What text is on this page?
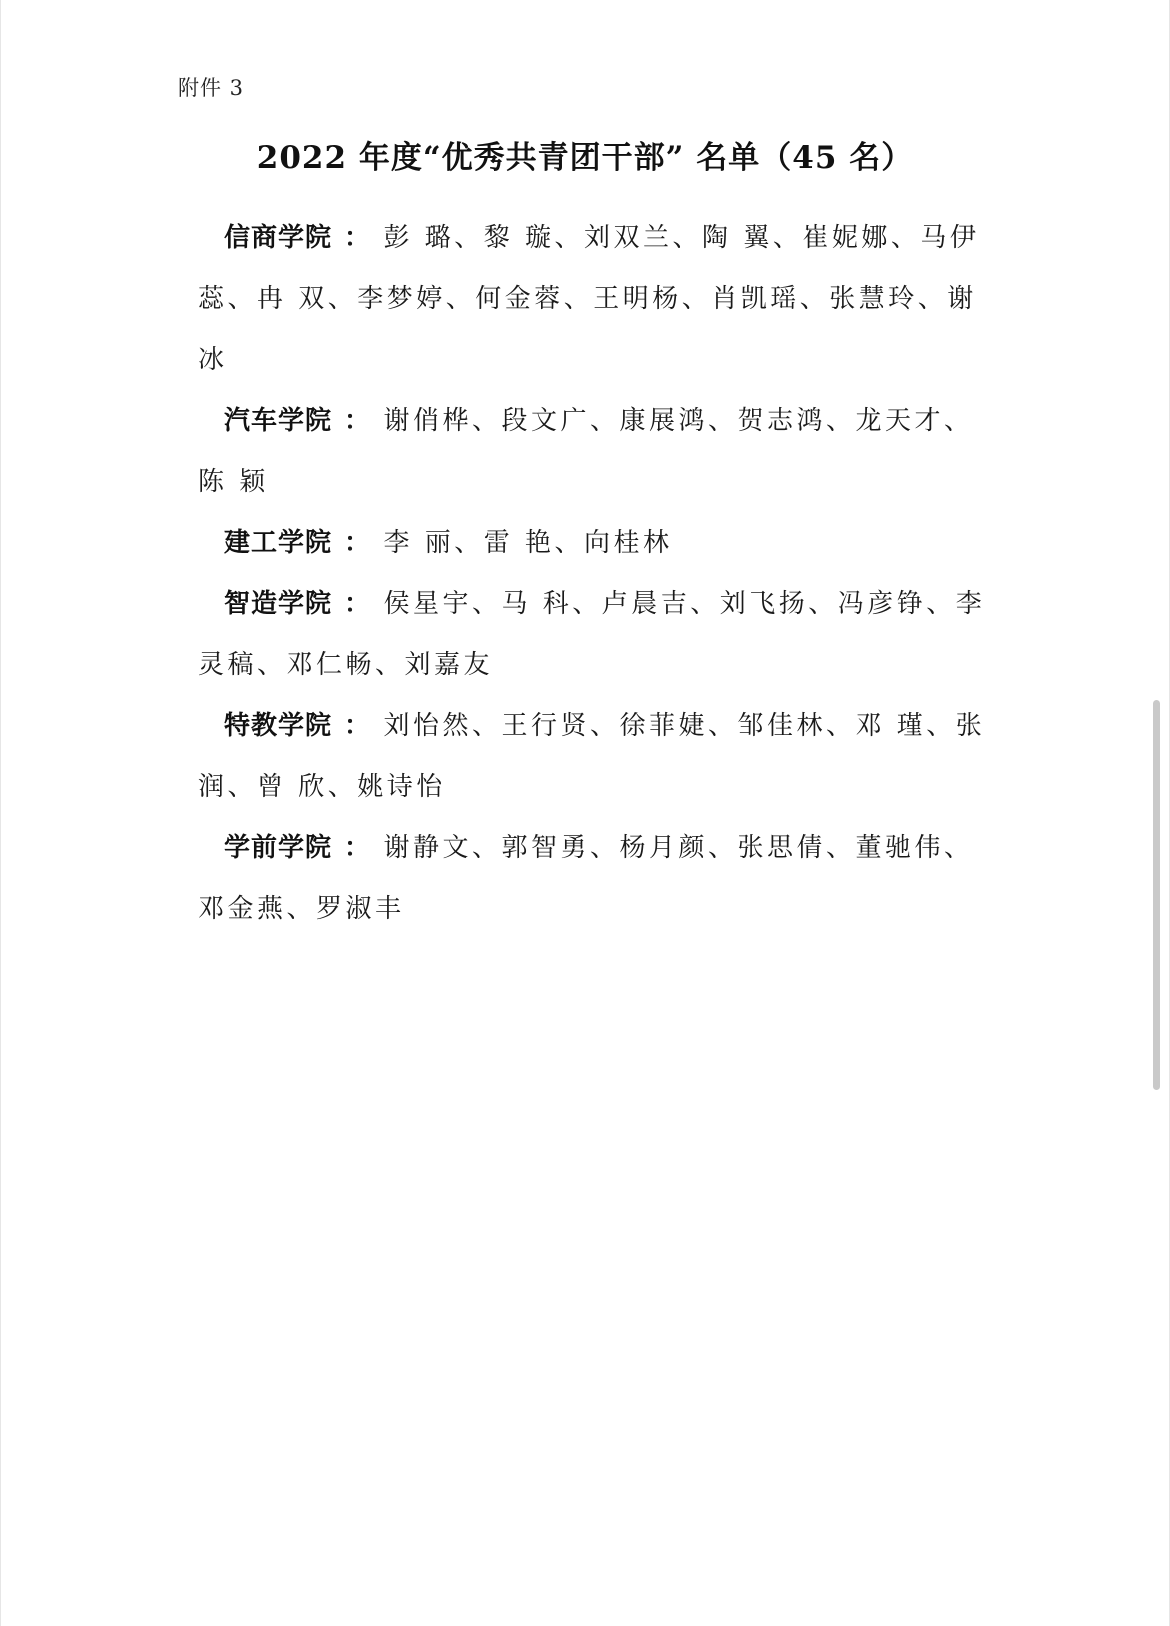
附件 3
2022 年度“优秀共青团干部” 名单（45 名）

信商学院 ： 彭 璐、黎 璇、刘双兰、陶 翼、崔妮娜、马伊蕊、冉 双、李梦婷、何金蓉、王明杨、肖凯瑶、张慧玲、谢 冰

汽车学院 ： 谢俏桦、段文广、康展鸿、贺志鸿、龙天才、陈 颖

建工学院 ： 李 丽、雷 艳、向桂林

智造学院 ： 侯星宇、马 科、卢晨吉、刘飞扬、冯彦铮、李灵稿、邓仁畅、刘嘉友

特教学院 ： 刘怡然、王行贤、徐菲婕、邹佳林、邓 瑾、张 润、曾 欣、姚诗怡

学前学院 ： 谢静文、郭智勇、杨月颜、张思倩、董驰伟、邓金燕、罗淑丰
